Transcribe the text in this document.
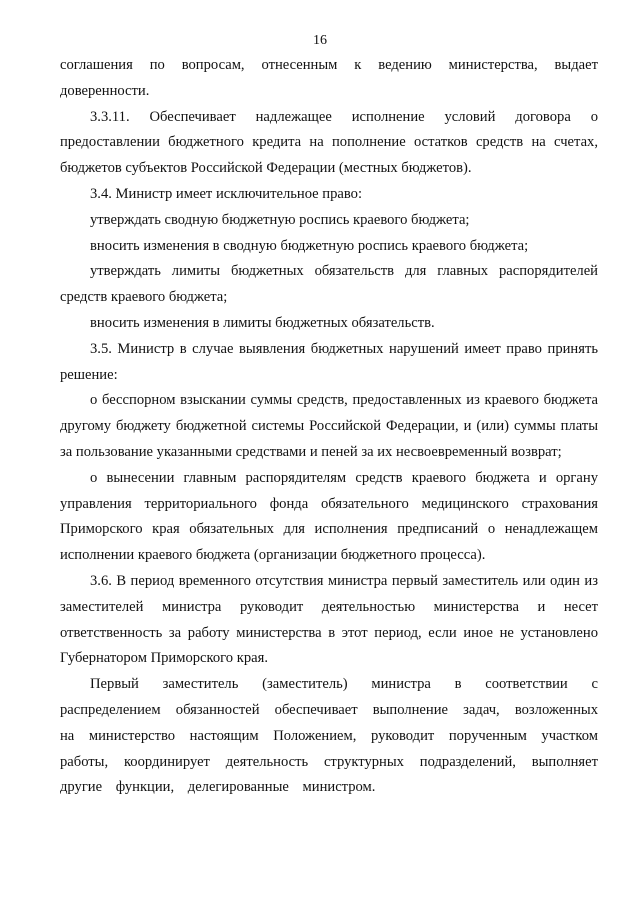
16

соглашения по вопросам, отнесенным к ведению министерства, выдает доверенности.

3.3.11. Обеспечивает надлежащее исполнение условий договора о предоставлении бюджетного кредита на пополнение остатков средств на счетах, бюджетов субъектов Российской Федерации (местных бюджетов).

3.4. Министр имеет исключительное право:

утверждать сводную бюджетную роспись краевого бюджета;

вносить изменения в сводную бюджетную роспись краевого бюджета;

утверждать лимиты бюджетных обязательств для главных распорядителей средств краевого бюджета;

вносить изменения в лимиты бюджетных обязательств.

3.5. Министр в случае выявления бюджетных нарушений имеет право принять решение:

о бесспорном взыскании суммы средств, предоставленных из краевого бюджета другому бюджету бюджетной системы Российской Федерации, и (или) суммы платы за пользование указанными средствами и пеней за их несвоевременный возврат;

о вынесении главным распорядителям средств краевого бюджета и органу управления территориального фонда обязательного медицинского страхования Приморского края обязательных для исполнения предписаний о ненадлежащем исполнении краевого бюджета (организации бюджетного процесса).

3.6. В период временного отсутствия министра первый заместитель или один из заместителей министра руководит деятельностью министерства и несет ответственность за работу министерства в этот период, если иное не установлено Губернатором Приморского края.

Первый заместитель (заместитель) министра в соответствии с распределением обязанностей обеспечивает выполнение задач, возложенных на министерство настоящим Положением, руководит порученным участком работы, координирует деятельность структурных подразделений, выполняет другие функции, делегированные министром.
